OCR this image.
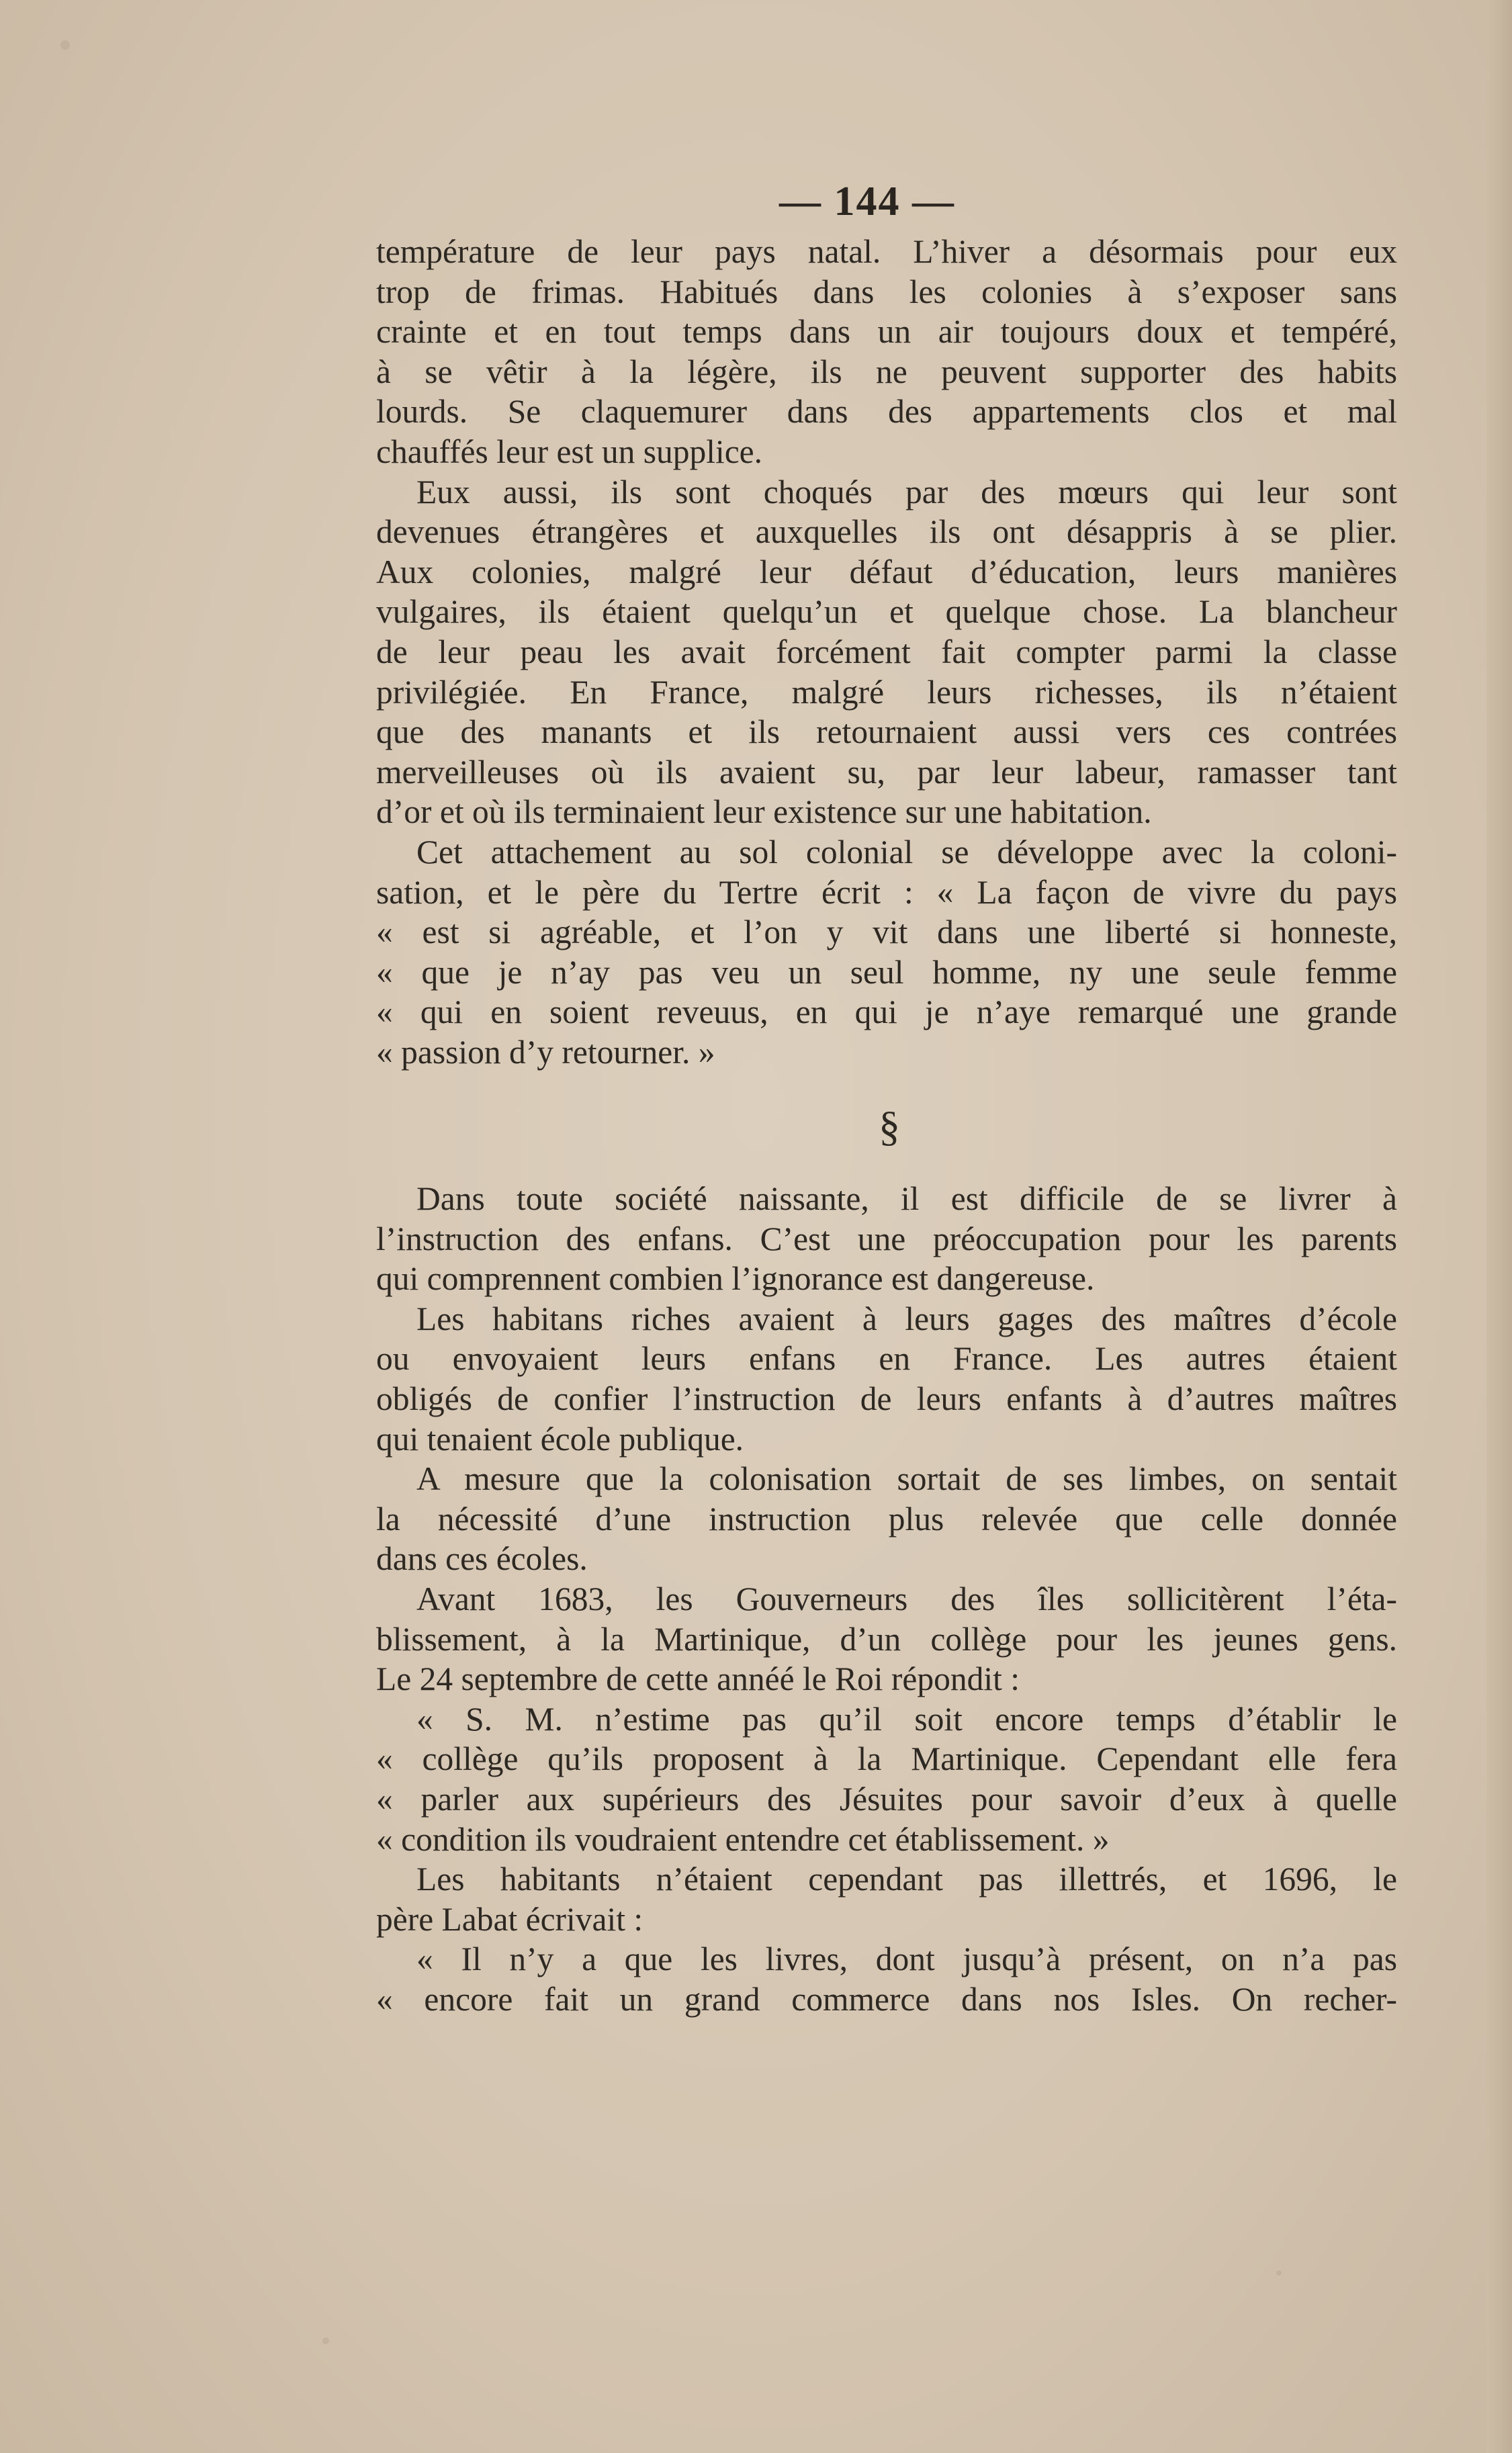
— 144 —
température de leur pays natal. L’hiver a désormais pour eux
trop de frimas. Habitués dans les colonies à s’exposer sans
crainte et en tout temps dans un air toujours doux et tempéré,
à se vêtir à la légère, ils ne peuvent supporter des habits
lourds. Se claquemurer dans des appartements clos et mal
chauffés leur est un supplice.
Eux aussi, ils sont choqués par des mœurs qui leur sont
devenues étrangères et auxquelles ils ont désappris à se plier.
Aux colonies, malgré leur défaut d’éducation, leurs manières
vulgaires, ils étaient quelqu’un et quelque chose. La blancheur
de leur peau les avait forcément fait compter parmi la classe
privilégiée. En France, malgré leurs richesses, ils n’étaient
que des manants et ils retournaient aussi vers ces contrées
merveilleuses où ils avaient su, par leur labeur, ramasser tant
d’or et où ils terminaient leur existence sur une habitation.
Cet attachement au sol colonial se développe avec la coloni-
sation, et le père du Tertre écrit : « La façon de vivre du pays
« est si agréable, et l’on y vit dans une liberté si honneste,
« que je n’ay pas veu un seul homme, ny une seule femme
« qui en soient reveuus, en qui je n’aye remarqué une grande
« passion d’y retourner. »
§
Dans toute société naissante, il est difficile de se livrer à
l’instruction des enfans. C’est une préoccupation pour les parents
qui comprennent combien l’ignorance est dangereuse.
Les habitans riches avaient à leurs gages des maîtres d’école
ou envoyaient leurs enfans en France. Les autres étaient
obligés de confier l’instruction de leurs enfants à d’autres maîtres
qui tenaient école publique.
A mesure que la colonisation sortait de ses limbes, on sentait
la nécessité d’une instruction plus relevée que celle donnée
dans ces écoles.
Avant 1683, les Gouverneurs des îles sollicitèrent l’éta-
blissement, à la Martinique, d’un collège pour les jeunes gens.
Le 24 septembre de cette annéé le Roi répondit :
« S. M. n’estime pas qu’il soit encore temps d’établir le
« collège qu’ils proposent à la Martinique. Cependant elle fera
« parler aux supérieurs des Jésuites pour savoir d’eux à quelle
« condition ils voudraient entendre cet établissement. »
Les habitants n’étaient cependant pas illettrés, et 1696, le
père Labat écrivait :
« Il n’y a que les livres, dont jusqu’à présent, on n’a pas
« encore fait un grand commerce dans nos Isles. On recher-
